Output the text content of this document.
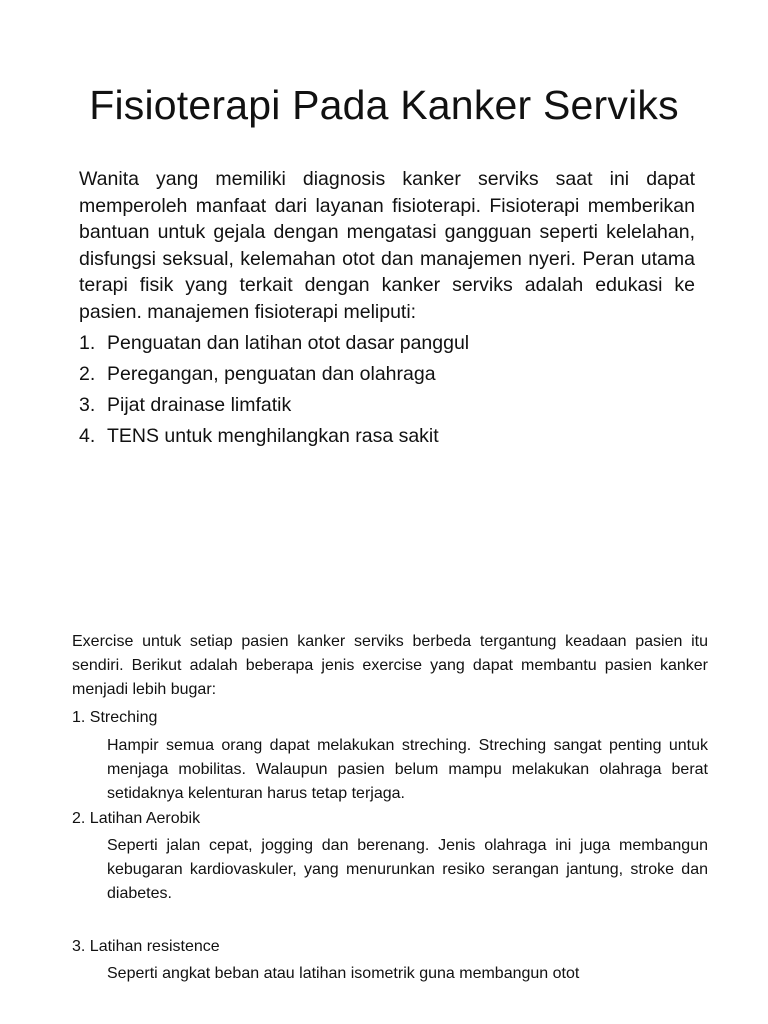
Fisioterapi Pada Kanker Serviks

Wanita yang memiliki diagnosis kanker serviks saat ini dapat memperoleh manfaat dari layanan fisioterapi. Fisioterapi memberikan bantuan untuk gejala dengan mengatasi gangguan seperti kelelahan, disfungsi seksual, kelemahan otot dan manajemen nyeri. Peran utama terapi fisik yang terkait dengan kanker serviks adalah edukasi ke pasien. manajemen fisioterapi meliputi:

1. Penguatan dan latihan otot dasar panggul
2. Peregangan, penguatan dan olahraga
3. Pijat drainase limfatik
4. TENS untuk menghilangkan rasa sakit

Exercise untuk setiap pasien kanker serviks berbeda tergantung keadaan pasien itu sendiri. Berikut adalah beberapa jenis exercise yang dapat membantu pasien kanker menjadi lebih bugar:

1. Streching

Hampir semua orang dapat melakukan streching. Streching sangat penting untuk menjaga mobilitas. Walaupun pasien belum mampu melakukan olahraga berat setidaknya kelenturan harus tetap terjaga.

2. Latihan Aerobik

Seperti jalan cepat, jogging dan berenang. Jenis olahraga ini juga membangun kebugaran kardiovaskuler, yang menurunkan resiko serangan jantung, stroke dan diabetes.

3. Latihan resistence

Seperti angkat beban atau latihan isometrik guna membangun otot
